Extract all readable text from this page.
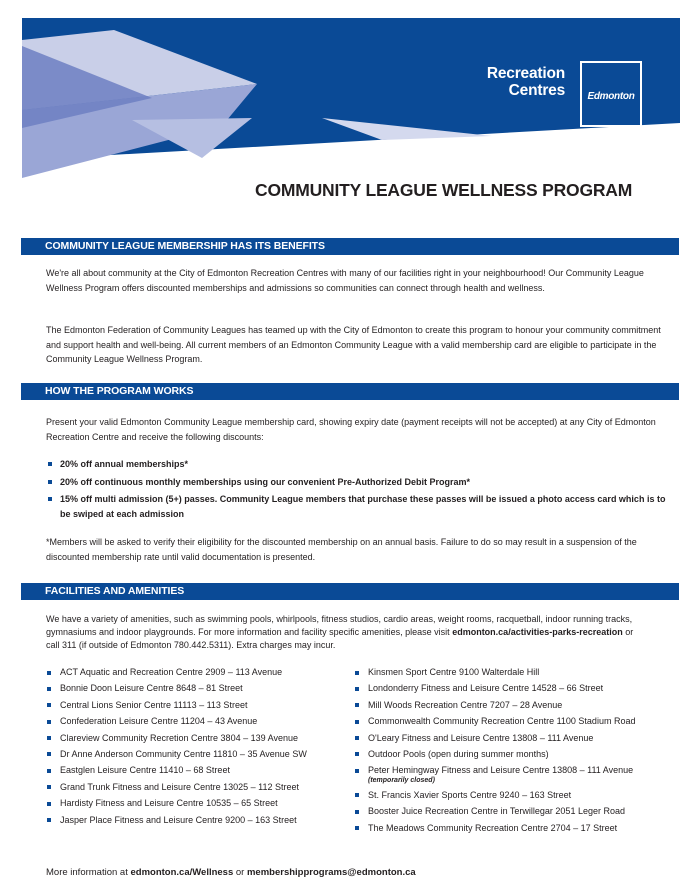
Recreation
Centres	Edmonton
COMMUNITY LEAGUE WELLNESS PROGRAM
COMMUNITY LEAGUE MEMBERSHIP HAS ITS BENEFITS

We're all about community at the City of Edmonton Recreation Centres with many of our facilities right in your neighbourhood! Our Community League Wellness Program offers discounted memberships and admissions so communities can connect through health and wellness.

The Edmonton Federation of Community Leagues has teamed up with the City of Edmonton to create this program to honour your community commitment and support health and well-being. All current members of an Edmonton Community League with a valid membership card are eligible to participate in the Community League Wellness Program.

HOW THE PROGRAM WORKS

Present your valid Edmonton Community League membership card, showing expiry date (payment receipts will not be accepted) at any City of Edmonton Recreation Centre and receive the following discounts:

20% off annual memberships*
20% off continuous monthly memberships using our convenient Pre-Authorized Debit Program*
15% off multi admission (5+) passes. Community League members that purchase these passes will be issued a photo access card which is to be swiped at each admission

*Members will be asked to verify their eligibility for the discounted membership on an annual basis. Failure to do so may result in a suspension of the discounted membership rate until valid documentation is presented.

FACILITIES AND AMENITIES

We have a variety of amenities, such as swimming pools, whirlpools, fitness studios, cardio areas, weight rooms, racquetball, indoor running tracks, gymnasiums and indoor playgrounds. For more information and facility specific amenities, please visit edmonton.ca/activities-parks-recreation or call 311 (if outside of Edmonton 780.442.5311). Extra charges may incur.

ACT Aquatic and Recreation Centre 2909 – 113 Avenue
Bonnie Doon Leisure Centre 8648 – 81 Street
Central Lions Senior Centre 11113 – 113 Street
Confederation Leisure Centre 11204 – 43 Avenue
Clareview Community Recretion Centre 3804 – 139 Avenue
Dr Anne Anderson Community Centre 11810 – 35 Avenue SW
Eastglen Leisure Centre 11410 – 68 Street
Grand Trunk Fitness and Leisure Centre 13025 – 112 Street
Hardisty Fitness and Leisure Centre 10535 – 65 Street
Jasper Place Fitness and Leisure Centre 9200 – 163 Street
Kinsmen Sport Centre 9100 Walterdale Hill
Londonderry Fitness and Leisure Centre 14528 – 66 Street
Mill Woods Recreation Centre 7207 – 28 Avenue
Commonwealth Community Recreation Centre 1100 Stadium Road
O'Leary Fitness and Leisure Centre 13808 – 111 Avenue
Outdoor Pools (open during summer months)
Peter Hemingway Fitness and Leisure Centre 13808 – 111 Avenue
(temporarily closed)
St. Francis Xavier Sports Centre 9240 – 163 Street
Booster Juice Recreation Centre in Terwillegar 2051 Leger Road
The Meadows Community Recreation Centre 2704 – 17 Street
More information at edmonton.ca/Wellness or membershipprograms@edmonton.ca
